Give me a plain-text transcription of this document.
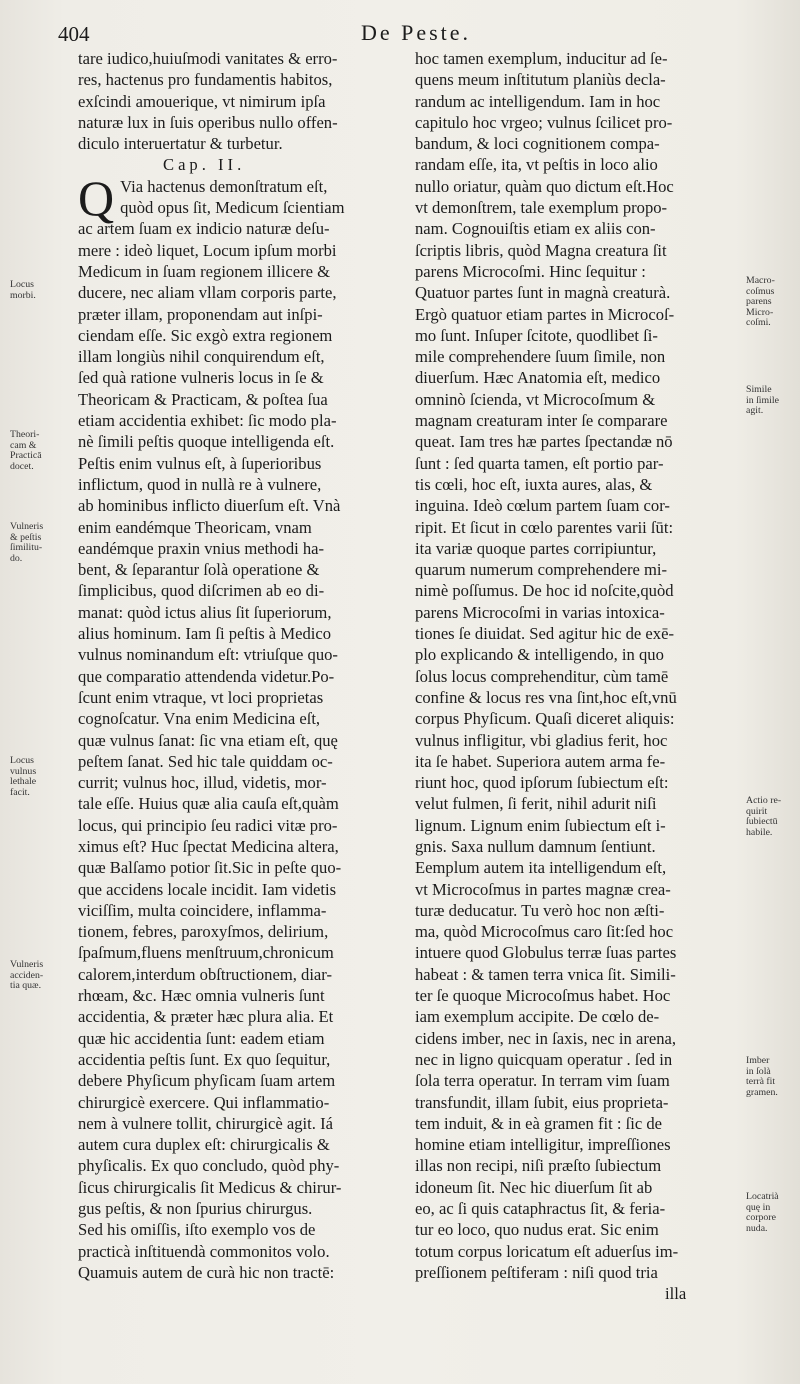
404	De Peste.
tare iudico,huiuſmodi vanitates & erro-
res, hactenus pro fundamentis habitos,
exſcindi amouerique, vt nimirum ipſa
naturæ lux in ſuis operibus nullo offen-
diculo interuertatur & turbetur.
Cap. II.
Q Via hactenus demonſtratum eſt,
quòd opus ſit, Medicum ſcientiam
ac artem ſuam ex indicio naturæ deſu-
mere : ideò liquet, Locum ipſum morbi
Medicum in ſuam regionem illicere &
ducere, nec aliam vllam corporis parte,
præter illam, proponendam aut inſpi-
ciendam eſſe. Sic exgò extra regionem
illam longiùs nihil conquirendum eſt,
ſed quà ratione vulneris locus in ſe &
Theoricam & Practicam, & poſtea ſua
etiam accidentia exhibet: ſic modo pla-
nè ſimili peſtis quoque intelligenda eſt.
Peſtis enim vulnus eſt, à ſuperioribus
inflictum, quod in nullà re à vulnere,
ab hominibus inflicto diuerſum eſt. Vnà
enim eandémque Theoricam, vnam
eandémque praxin vnius methodi ha-
bent, & ſeparantur ſolà operatione &
ſimplicibus, quod diſcrimen ab eo di-
manat: quòd ictus alius ſit ſuperiorum,
alius hominum. Iam ſi peſtis à Medico
vulnus nominandum eſt: vtriuſque quo-
que comparatio attendenda videtur.Po-
ſcunt enim vtraque, vt loci proprietas
cognoſcatur. Vna enim Medicina eſt,
quæ vulnus ſanat: ſic vna etiam eſt, quę
peſtem ſanat. Sed hic tale quiddam oc-
currit; vulnus hoc, illud, videtis, mor-
tale eſſe. Huius quæ alia cauſa eſt,quàm
locus, qui principio ſeu radici vitæ pro-
ximus eſt? Huc ſpectat Medicina altera,
quæ Balſamo potior ſit.Sic in peſte quo-
que accidens locale incidit. Iam videtis
viciſſim, multa coincidere, inflamma-
tionem, febres, paroxyſmos, delirium,
ſpaſmum,fluens menſtruum,chronicum
calorem,interdum obſtructionem, diar-
rhœam, &c. Hæc omnia vulneris ſunt
accidentia, & præter hæc plura alia. Et
quæ hic accidentia ſunt: eadem etiam
accidentia peſtis ſunt. Ex quo ſequitur,
debere Phyſicum phyſicam ſuam artem
chirurgicè exercere. Qui inflammatio-
nem à vulnere tollit, chirurgicè agit. Iá
autem cura duplex eſt: chirurgicalis &
phyſicalis. Ex quo concludo, quòd phy-
ſicus chirurgicalis ſit Medicus & chirur-
gus peſtis, & non ſpurius chirurgus.
Sed his omiſſis, iſto exemplo vos de
practicà inſtituendà commonitos volo.
Quamuis autem de curà hic non tractē:
hoc tamen exemplum, inducitur ad ſe-
quens meum inſtitutum planiùs decla-
randum ac intelligendum. Iam in hoc
capitulo hoc vrgeo; vulnus ſcilicet pro-
bandum, & loci cognitionem compa-
randam eſſe, ita, vt peſtis in loco alio
nullo oriatur, quàm quo dictum eſt.Hoc
vt demonſtrem, tale exemplum propo-
nam. Cognouiſtis etiam ex aliis con-
ſcriptis libris, quòd Magna creatura ſit
parens Microcoſmi. Hinc ſequitur :
Quatuor partes ſunt in magnà creaturà.
Ergò quatuor etiam partes in Microcoſ-
mo ſunt. Inſuper ſcitote, quodlibet ſi-
mile comprehendere ſuum ſimile, non
diuerſum. Hæc Anatomia eſt, medico
omninò ſcienda, vt Microcoſmum &
magnam creaturam inter ſe comparare
queat. Iam tres hæ partes ſpectandæ nō
ſunt : ſed quarta tamen, eſt portio par-
tis cœli, hoc eſt, iuxta aures, alas, &
inguina. Ideò cœlum partem ſuam cor-
ripit. Et ſicut in cœlo parentes varii ſūt:
ita variæ quoque partes corripiuntur,
quarum numerum comprehendere mi-
nimè poſſumus. De hoc id noſcite,quòd
parens Microcoſmi in varias intoxica-
tiones ſe diuidat. Sed agitur hic de exē-
plo explicando & intelligendo, in quo
ſolus locus comprehenditur, cùm tamē
confine & locus res vna ſint,hoc eſt,vnū
corpus Phyſicum. Quaſi diceret aliquis:
vulnus infligitur, vbi gladius ferit, hoc
ita ſe habet. Superiora autem arma fe-
riunt hoc, quod ipſorum ſubiectum eſt:
velut fulmen, ſi ferit, nihil adurit niſi
lignum. Lignum enim ſubiectum eſt i-
gnis. Saxa nullum damnum ſentiunt.
Eemplum autem ita intelligendum eſt,
vt Microcoſmus in partes magnæ crea-
turæ deducatur. Tu verò hoc non æſti-
ma, quòd Microcoſmus caro ſit:ſed hoc
intuere quod Globulus terræ ſuas partes
habeat : & tamen terra vnica ſit. Simili-
ter ſe quoque Microcoſmus habet. Hoc
iam exemplum accipite. De cœlo de-
cidens imber, nec in ſaxis, nec in arena,
nec in ligno quicquam operatur . ſed in
ſola terra operatur. In terram vim ſuam
transfundit, illam ſubit, eius proprieta-
tem induit, & in eà gramen fit : ſic de
homine etiam intelligitur, impreſſiones
illas non recipi, niſi præſto ſubiectum
idoneum ſit. Nec hic diuerſum ſit ab
eo, ac ſi quis cataphractus ſit, & feria-
tur eo loco, quo nudus erat. Sic enim
totum corpus loricatum eſt aduerſus im-
preſſionem peſtiferam : niſi quod tria
illa
Locus
morbi.
Theori-
cam &
Practicā
docet.
Vulneris
& peſtis
ſimilitu-
do.
Locus
vulnus
lethale
facit.
Vulneris
acciden-
tia quæ.
Macro-
coſmus
parens
Micro-
coſmi.
Simile
in ſimile
agit.
Actio re-
quirit
ſubiectū
habile.
Imber
in ſolà
terrà fit
gramen.
Locatrià
quę in
corpore
nuda.
